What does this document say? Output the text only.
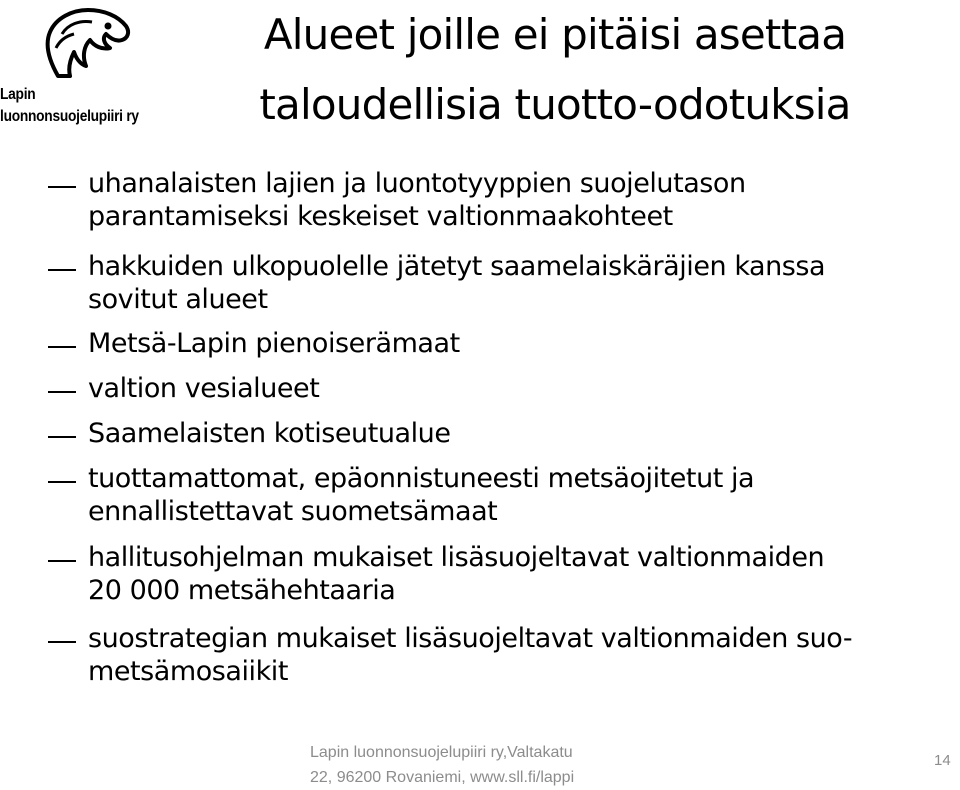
Lapin
luonnonsuojelupiiri ry
Alueet joille ei pitäisi asettaa
taloudellisia tuotto-odotuksia
uhanalaisten lajien ja luontotyyppien suojelutason
parantamiseksi keskeiset valtionmaakohteet
hakkuiden ulkopuolelle jätetyt saamelaiskäräjien kanssa
sovitut alueet
Metsä-Lapin pienoiserämaat
valtion vesialueet
Saamelaisten kotiseutualue
tuottamattomat, epäonnistuneesti metsäojitetut ja
ennallistettavat suometsämaat
hallitusohjelman mukaiset lisäsuojeltavat valtionmaiden
20 000 metsähehtaaria
suostrategian mukaiset lisäsuojeltavat valtionmaiden suo-
metsämosaiikit
Lapin luonnonsuojelupiiri ry,Valtakatu
22, 96200 Rovaniemi, www.sll.fi/lappi
14
